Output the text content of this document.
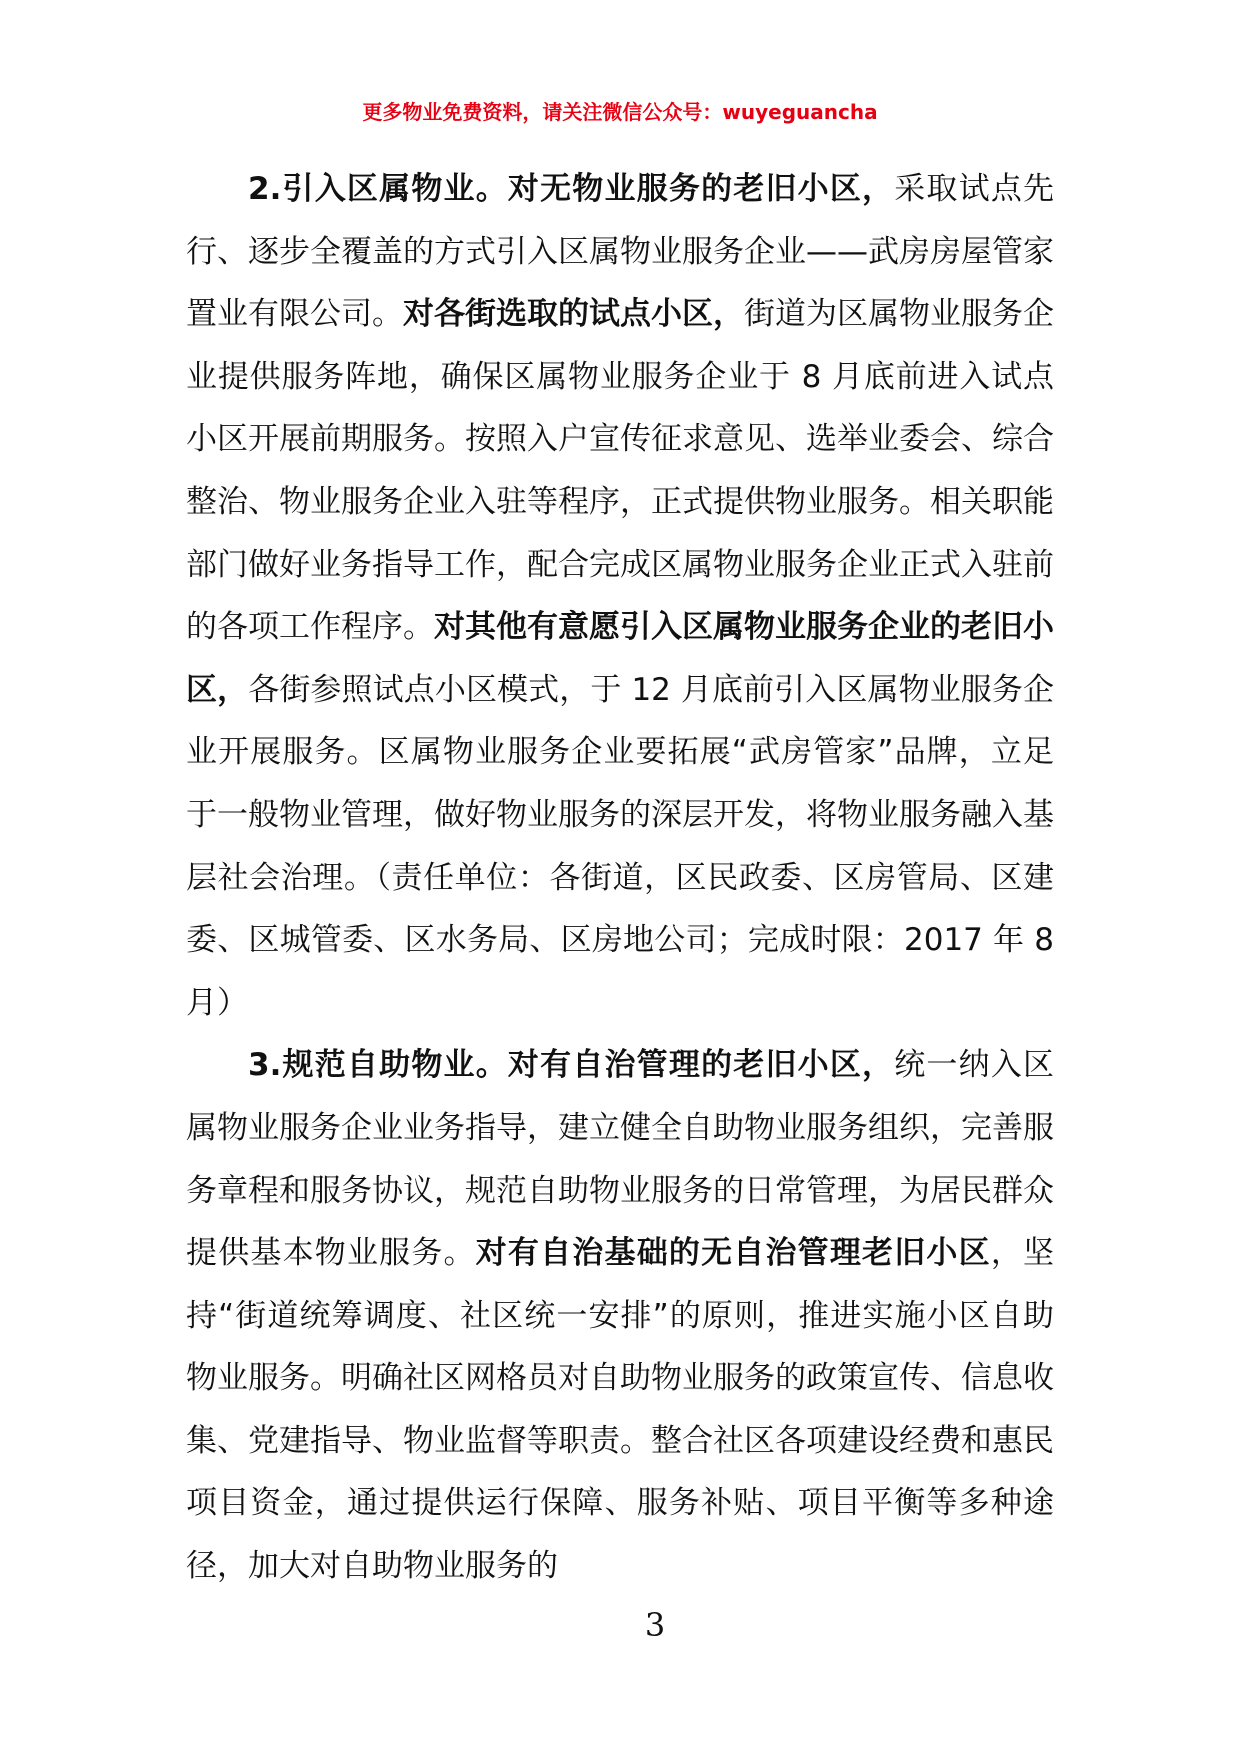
更多物业免费资料，请关注微信公众号：wuyeguancha

2.引入区属物业。对无物业服务的老旧小区，采取试点先行、逐步全覆盖的方式引入区属物业服务企业——武房房屋管家置业有限公司。对各街选取的试点小区，街道为区属物业服务企业提供服务阵地，确保区属物业服务企业于 8 月底前进入试点小区开展前期服务。按照入户宣传征求意见、选举业委会、综合整治、物业服务企业入驻等程序，正式提供物业服务。相关职能部门做好业务指导工作，配合完成区属物业服务企业正式入驻前的各项工作程序。对其他有意愿引入区属物业服务企业的老旧小区，各街参照试点小区模式，于 12 月底前引入区属物业服务企业开展服务。区属物业服务企业要拓展“武房管家”品牌，立足于一般物业管理，做好物业服务的深层开发，将物业服务融入基层社会治理。（责任单位：各街道，区民政委、区房管局、区建委、区城管委、区水务局、区房地公司；完成时限：2017 年 8 月）

3.规范自助物业。对有自治管理的老旧小区，统一纳入区属物业服务企业业务指导，建立健全自助物业服务组织，完善服务章程和服务协议，规范自助物业服务的日常管理，为居民群众提供基本物业服务。对有自治基础的无自治管理老旧小区，坚持“街道统筹调度、社区统一安排”的原则，推进实施小区自助物业服务。明确社区网格员对自助物业服务的政策宣传、信息收集、党建指导、物业监督等职责。整合社区各项建设经费和惠民项目资金，通过提供运行保障、服务补贴、项目平衡等多种途径，加大对自助物业服务的

3
